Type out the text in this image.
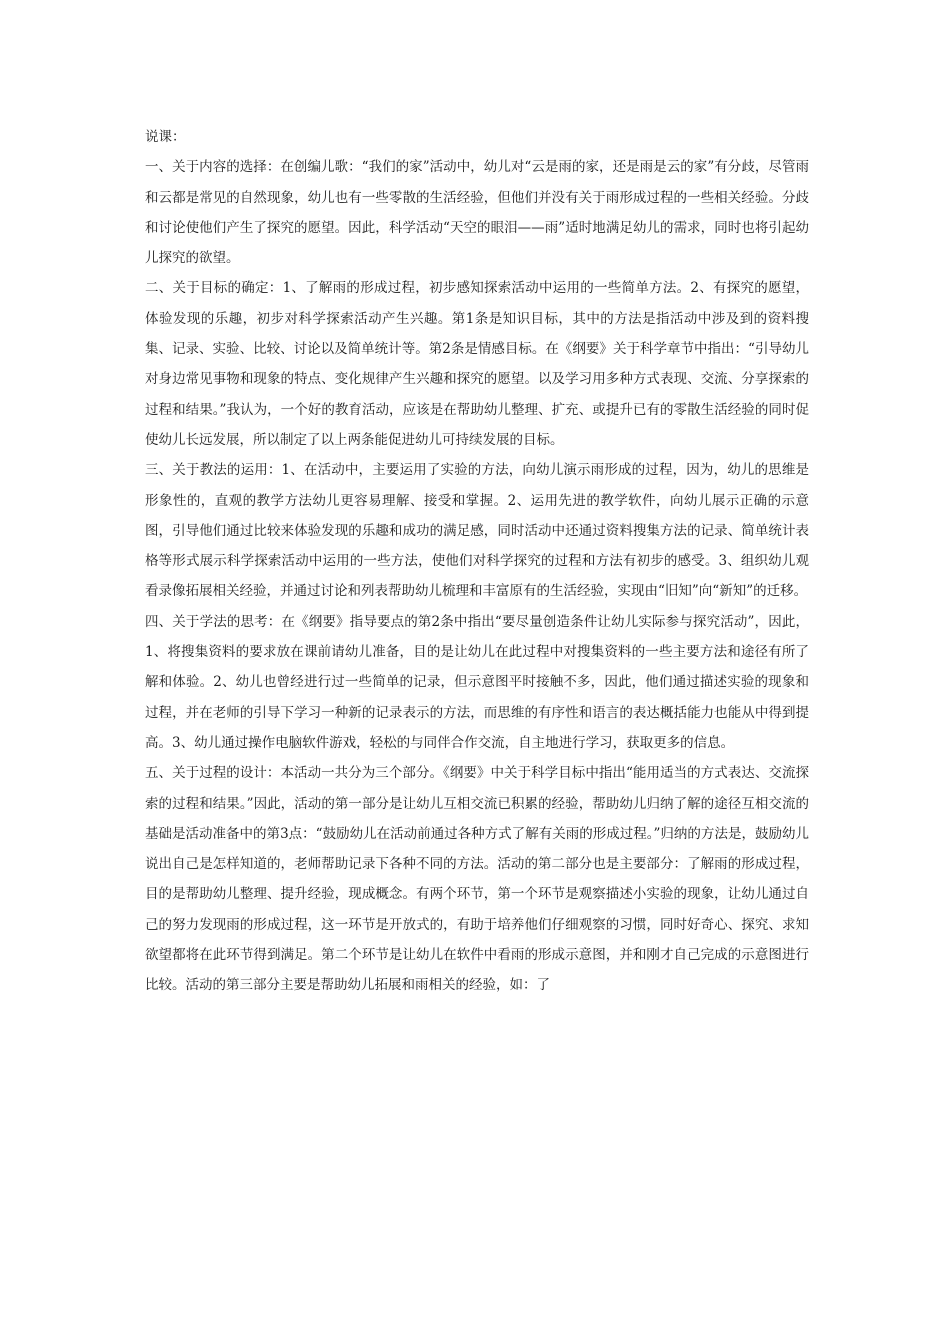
说课：

一、关于内容的选择：在创编儿歌：“我们的家”活动中，幼儿对“云是雨的家，还是雨是云的家”有分歧，尽管雨和云都是常见的自然现象，幼儿也有一些零散的生活经验，但他们并没有关于雨形成过程的一些相关经验。分歧和讨论使他们产生了探究的愿望。因此，科学活动“天空的眼泪——雨”适时地满足幼儿的需求，同时也将引起幼儿探究的欲望。

二、关于目标的确定：1、了解雨的形成过程，初步感知探索活动中运用的一些简单方法。2、有探究的愿望，体验发现的乐趣，初步对科学探索活动产生兴趣。第1条是知识目标，其中的方法是指活动中涉及到的资料搜集、记录、实验、比较、讨论以及简单统计等。第2条是情感目标。在《纲要》关于科学章节中指出：“引导幼儿对身边常见事物和现象的特点、变化规律产生兴趣和探究的愿望。以及学习用多种方式表现、交流、分享探索的过程和结果。”我认为，一个好的教育活动，应该是在帮助幼儿整理、扩充、或提升已有的零散生活经验的同时促使幼儿长远发展，所以制定了以上两条能促进幼儿可持续发展的目标。

三、关于教法的运用：1、在活动中，主要运用了实验的方法，向幼儿演示雨形成的过程，因为，幼儿的思维是形象性的，直观的教学方法幼儿更容易理解、接受和掌握。2、运用先进的教学软件，向幼儿展示正确的示意图，引导他们通过比较来体验发现的乐趣和成功的满足感，同时活动中还通过资料搜集方法的记录、简单统计表格等形式展示科学探索活动中运用的一些方法，使他们对科学探究的过程和方法有初步的感受。3、组织幼儿观看录像拓展相关经验，并通过讨论和列表帮助幼儿梳理和丰富原有的生活经验，实现由“旧知”向“新知”的迁移。

四、关于学法的思考：在《纲要》指导要点的第2条中指出“要尽量创造条件让幼儿实际参与探究活动”，因此，1、将搜集资料的要求放在课前请幼儿准备，目的是让幼儿在此过程中对搜集资料的一些主要方法和途径有所了解和体验。2、幼儿也曾经进行过一些简单的记录，但示意图平时接触不多，因此，他们通过描述实验的现象和过程，并在老师的引导下学习一种新的记录表示的方法，而思维的有序性和语言的表达概括能力也能从中得到提高。3、幼儿通过操作电脑软件游戏，轻松的与同伴合作交流，自主地进行学习，获取更多的信息。

五、关于过程的设计：本活动一共分为三个部分。《纲要》中关于科学目标中指出“能用适当的方式表达、交流探索的过程和结果。”因此，活动的第一部分是让幼儿互相交流已积累的经验，帮助幼儿归纳了解的途径互相交流的基础是活动准备中的第3点：“鼓励幼儿在活动前通过各种方式了解有关雨的形成过程。”归纳的方法是，鼓励幼儿说出自己是怎样知道的，老师帮助记录下各种不同的方法。活动的第二部分也是主要部分：了解雨的形成过程，目的是帮助幼儿整理、提升经验，现成概念。有两个环节，第一个环节是观察描述小实验的现象，让幼儿通过自己的努力发现雨的形成过程，这一环节是开放式的，有助于培养他们仔细观察的习惯，同时好奇心、探究、求知欲望都将在此环节得到满足。第二个环节是让幼儿在软件中看雨的形成示意图，并和刚才自己完成的示意图进行比较。活动的第三部分主要是帮助幼儿拓展和雨相关的经验，如：了
